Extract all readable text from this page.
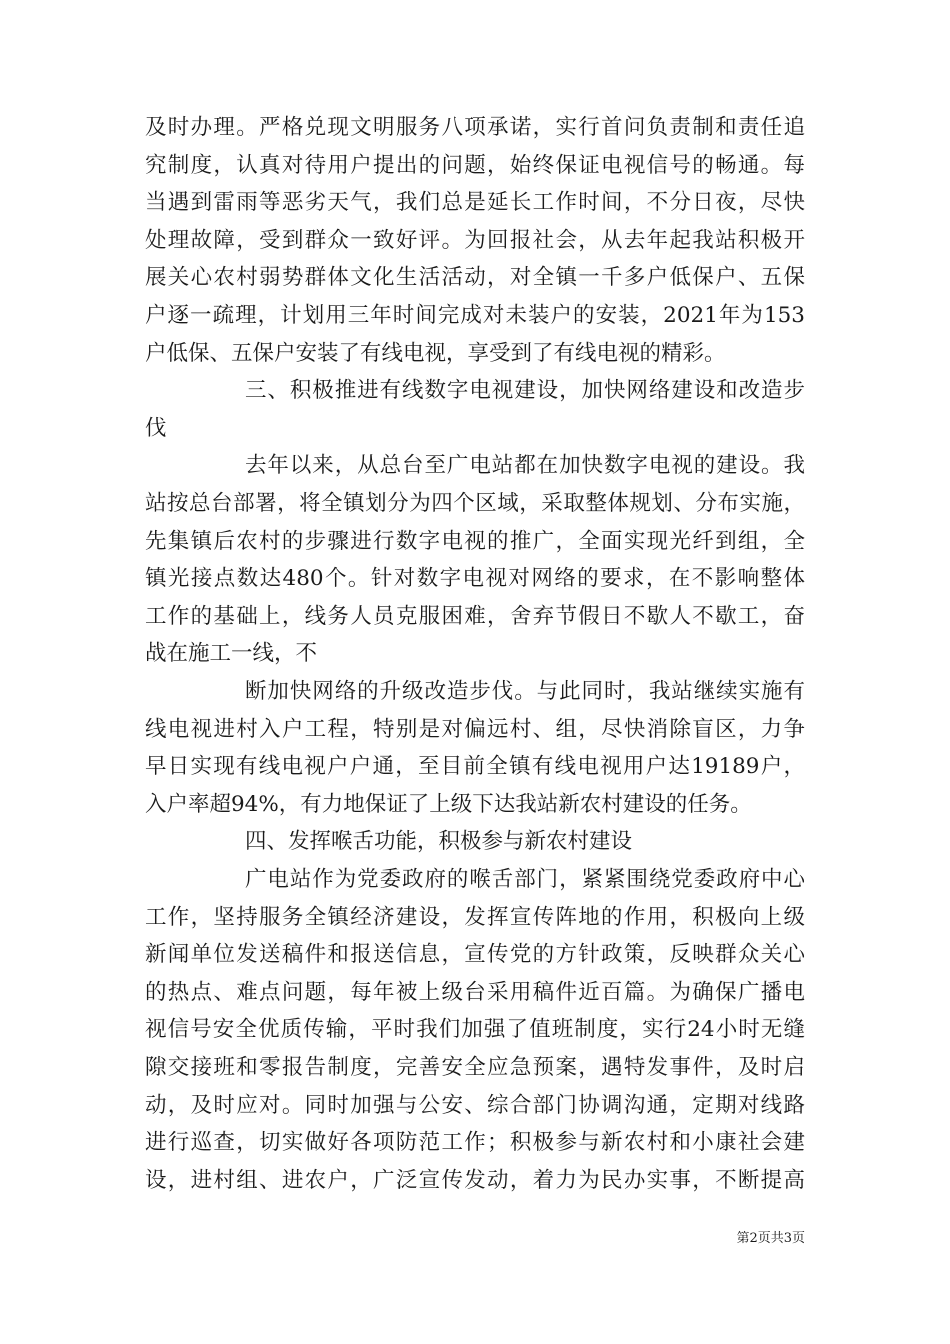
及时办理。严格兑现文明服务八项承诺，实行首问负责制和责任追
究制度，认真对待用户提出的问题，始终保证电视信号的畅通。每
当遇到雷雨等恶劣天气，我们总是延长工作时间，不分日夜，尽快
处理故障，受到群众一致好评。为回报社会，从去年起我站积极开
展关心农村弱势群体文化生活活动，对全镇一千多户低保户、五保
户逐一疏理，计划用三年时间完成对未装户的安装，2021年为153
户低保、五保户安装了有线电视，享受到了有线电视的精彩。
三、积极推进有线数字电视建设，加快网络建设和改造步
伐
去年以来，从总台至广电站都在加快数字电视的建设。我
站按总台部署，将全镇划分为四个区域，采取整体规划、分布实施，
先集镇后农村的步骤进行数字电视的推广，全面实现光纤到组，全
镇光接点数达480个。针对数字电视对网络的要求，在不影响整体
工作的基础上，线务人员克服困难，舍弃节假日不歇人不歇工，奋
战在施工一线，不
断加快网络的升级改造步伐。与此同时，我站继续实施有
线电视进村入户工程，特别是对偏远村、组，尽快消除盲区，力争
早日实现有线电视户户通，至目前全镇有线电视用户达19189户，
入户率超94%，有力地保证了上级下达我站新农村建设的任务。
四、发挥喉舌功能，积极参与新农村建设
广电站作为党委政府的喉舌部门，紧紧围绕党委政府中心
工作，坚持服务全镇经济建设，发挥宣传阵地的作用，积极向上级
新闻单位发送稿件和报送信息，宣传党的方针政策，反映群众关心
的热点、难点问题，每年被上级台采用稿件近百篇。为确保广播电
视信号安全优质传输，平时我们加强了值班制度，实行24小时无缝
隙交接班和零报告制度，完善安全应急预案，遇特发事件，及时启
动，及时应对。同时加强与公安、综合部门协调沟通，定期对线路
进行巡查，切实做好各项防范工作；积极参与新农村和小康社会建
设，进村组、进农户，广泛宣传发动，着力为民办实事，不断提高
第2页共3页
